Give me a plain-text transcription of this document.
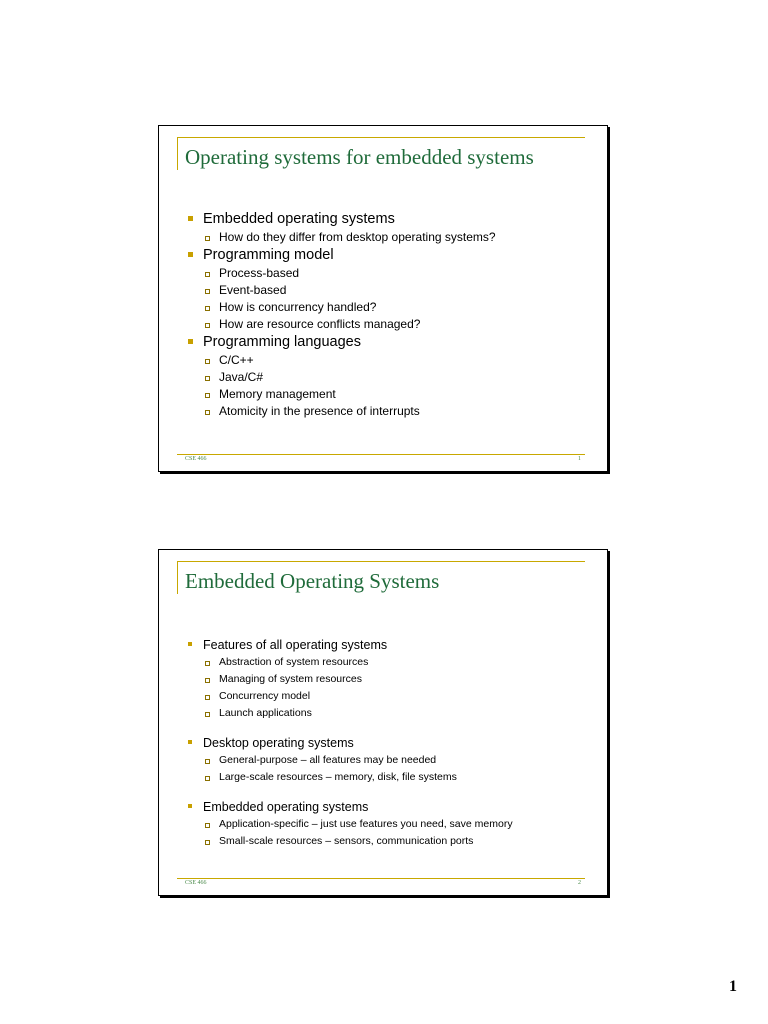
Operating systems for embedded systems
Embedded operating systems
How do they differ from desktop operating systems?
Programming model
Process-based
Event-based
How is concurrency handled?
How are resource conflicts managed?
Programming languages
C/C++
Java/C#
Memory management
Atomicity in the presence of interrupts
CSE 466	1
Embedded Operating Systems
Features of all operating systems
Abstraction of system resources
Managing of system resources
Concurrency model
Launch applications
Desktop operating systems
General-purpose – all features may be needed
Large-scale resources – memory, disk, file systems
Embedded operating systems
Application-specific – just use features you need, save memory
Small-scale resources – sensors, communication ports
CSE 466	2
1
